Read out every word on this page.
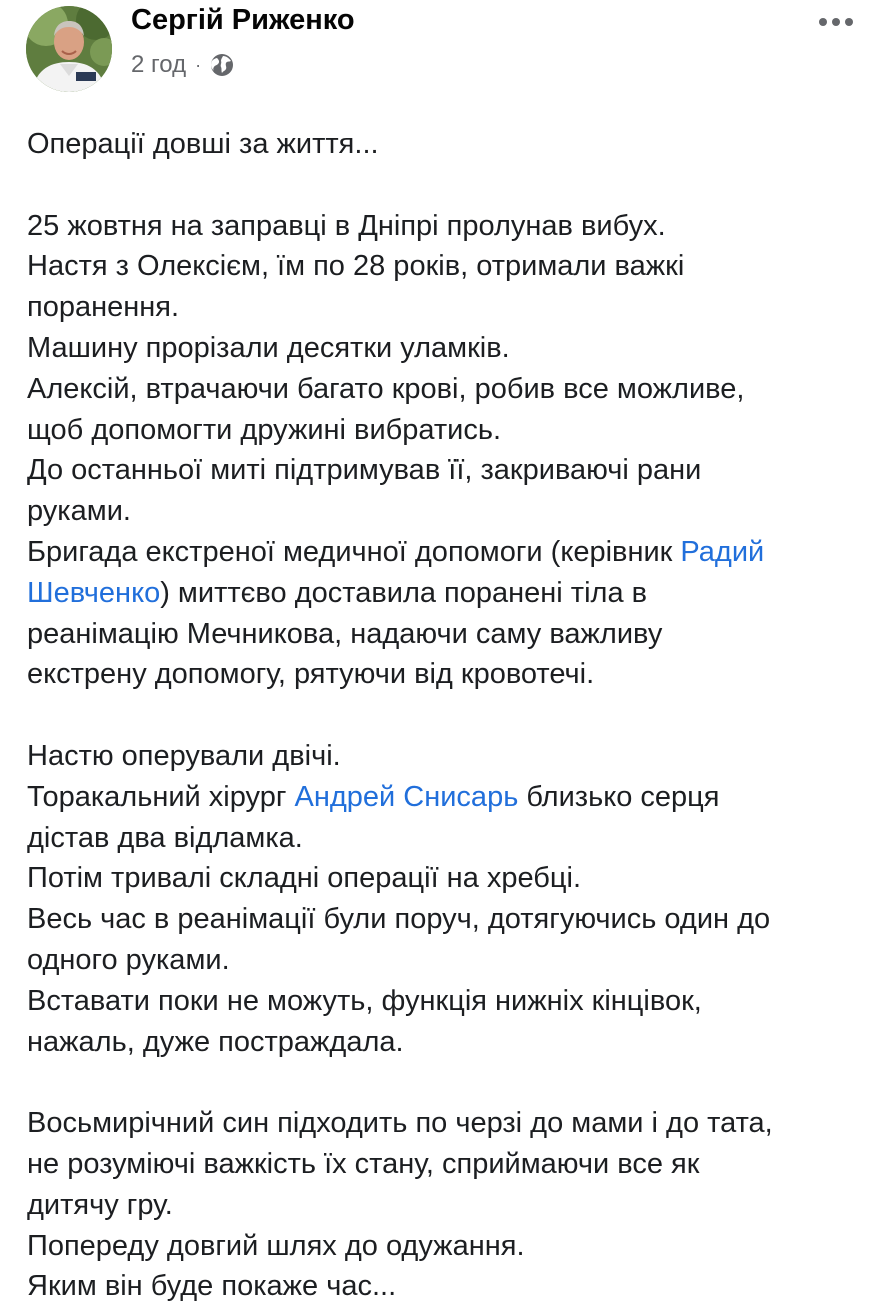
Сергій Риженко
2 год ·
Операції довші за життя...
25 жовтня на заправці в Дніпрі пролунав вибух.
Настя з Олексієм, їм по 28 років, отримали важкі
поранення.
Машину прорізали десятки уламків.
Алексій, втрачаючи багато крові, робив все можливе,
щоб допомогти дружині вибратись.
До останньої миті підтримував її, закриваючі рани
руками.
Бригада екстреної медичної допомоги (керівник Радий
Шевченко) миттєво доставила поранені тіла в
реанімацію Мечникова, надаючи саму важливу
екстрену допомогу, рятуючи від кровотечі.
Настю оперували двічі.
Торакальний хірург Андрей Снисарь близько серця
дістав два відламка.
Потім тривалі складні операції на хребці.
Весь час в реанімації були поруч, дотягуючись один до
одного руками.
Вставати поки не можуть, функція нижніх кінцівок,
нажаль, дуже постраждала.
Восьмирічний син підходить по черзі до мами і до тата,
не розуміючі важкість їх стану, сприймаючи все як
дитячу гру.
Попереду довгий шлях до одужання.
Яким він буде покаже час...
